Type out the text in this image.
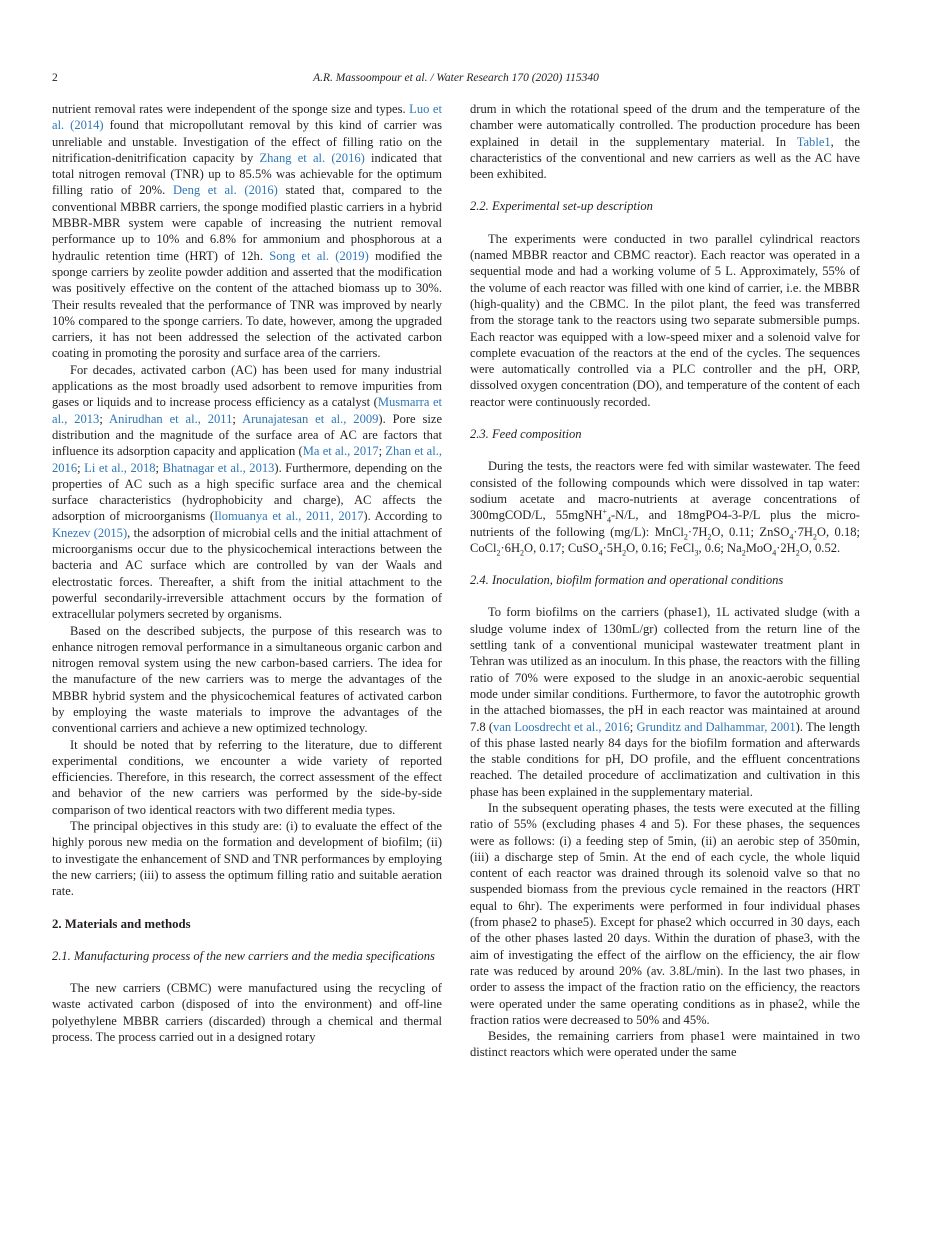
2	A.R. Massoompour et al. / Water Research 170 (2020) 115340

nutrient removal rates were independent of the sponge size and types. Luo et al. (2014) found that micropollutant removal by this kind of carrier was unreliable and unstable. Investigation of the effect of filling ratio on the nitrification-denitrification capacity by Zhang et al. (2016) indicated that total nitrogen removal (TNR) up to 85.5% was achievable for the optimum filling ratio of 20%. Deng et al. (2016) stated that, compared to the conventional MBBR carriers, the sponge modified plastic carriers in a hybrid MBBR-MBR system were capable of increasing the nutrient removal performance up to 10% and 6.8% for ammonium and phosphorous at a hydraulic retention time (HRT) of 12h. Song et al. (2019) modified the sponge carriers by zeolite powder addition and asserted that the modification was positively effective on the content of the attached biomass up to 30%. Their results revealed that the performance of TNR was improved by nearly 10% compared to the sponge carriers. To date, however, among the upgraded carriers, it has not been addressed the selection of the activated carbon coating in promoting the porosity and surface area of the carriers.

For decades, activated carbon (AC) has been used for many industrial applications as the most broadly used adsorbent to remove impurities from gases or liquids and to increase process efficiency as a catalyst (Musmarra et al., 2013; Anirudhan et al., 2011; Arunajatesan et al., 2009). Pore size distribution and the magnitude of the surface area of AC are factors that influence its adsorption capacity and application (Ma et al., 2017; Zhan et al., 2016; Li et al., 2018; Bhatnagar et al., 2013). Furthermore, depending on the properties of AC such as a high specific surface area and the chemical surface characteristics (hydrophobicity and charge), AC affects the adsorption of microorganisms (Ilomuanya et al., 2011, 2017). According to Knezev (2015), the adsorption of microbial cells and the initial attachment of microorganisms occur due to the physicochemical interactions between the bacteria and AC surface which are controlled by van der Waals and electrostatic forces. Thereafter, a shift from the initial attachment to the powerful secondarily-irreversible attachment occurs by the formation of extracellular polymers secreted by organisms.

Based on the described subjects, the purpose of this research was to enhance nitrogen removal performance in a simultaneous organic carbon and nitrogen removal system using the new carbon-based carriers. The idea for the manufacture of the new carriers was to merge the advantages of the MBBR hybrid system and the physicochemical features of activated carbon by employing the waste materials to improve the advantages of the conventional carriers and achieve a new optimized technology.

It should be noted that by referring to the literature, due to different experimental conditions, we encounter a wide variety of reported efficiencies. Therefore, in this research, the correct assessment of the effect and behavior of the new carriers was performed by the side-by-side comparison of two identical reactors with two different media types.

The principal objectives in this study are: (i) to evaluate the effect of the highly porous new media on the formation and development of biofilm; (ii) to investigate the enhancement of SND and TNR performances by employing the new carriers; (iii) to assess the optimum filling ratio and suitable aeration rate.

2. Materials and methods
2.1. Manufacturing process of the new carriers and the media specifications

The new carriers (CBMC) were manufactured using the recycling of waste activated carbon (disposed of into the environment) and off-line polyethylene MBBR carriers (discarded) through a chemical and thermal process. The process carried out in a designed rotary

drum in which the rotational speed of the drum and the temperature of the chamber were automatically controlled. The production procedure has been explained in detail in the supplementary material. In Table1, the characteristics of the conventional and new carriers as well as the AC have been exhibited.

2.2. Experimental set-up description

The experiments were conducted in two parallel cylindrical reactors (named MBBR reactor and CBMC reactor). Each reactor was operated in a sequential mode and had a working volume of 5 L. Approximately, 55% of the volume of each reactor was filled with one kind of carrier, i.e. the MBBR (high-quality) and the CBMC. In the pilot plant, the feed was transferred from the storage tank to the reactors using two separate submersible pumps. Each reactor was equipped with a low-speed mixer and a solenoid valve for complete evacuation of the reactors at the end of the cycles. The sequences were automatically controlled via a PLC controller and the pH, ORP, dissolved oxygen concentration (DO), and temperature of the content of each reactor were continuously recorded.

2.3. Feed composition

During the tests, the reactors were fed with similar wastewater. The feed consisted of the following compounds which were dissolved in tap water: sodium acetate and macro-nutrients at average concentrations of 300mgCOD/L, 55mgNH+$_4$-N/L, and 18mgPO4-3-P/L plus the micro-nutrients of the following (mg/L): $MnCl_2\cdot 7H_2O$, 0.11; $ZnSO_4\cdot 7H_2O$, 0.18; $CoCl_2\cdot 6H_2O$, 0.17; $CuSO_4\cdot 5H_2O$, 0.16; FeCl$_3$, 0.6; $Na_2MoO_4\cdot 2H_2O$, 0.52.

2.4. Inoculation, biofilm formation and operational conditions

To form biofilms on the carriers (phase1), 1L activated sludge (with a sludge volume index of 130mL/gr) collected from the return line of the settling tank of a conventional municipal wastewater treatment plant in Tehran was utilized as an inoculum. In this phase, the reactors with the filling ratio of 70% were exposed to the sludge in an anoxic-aerobic sequential mode under similar conditions. Furthermore, to favor the autotrophic growth in the attached biomasses, the pH in each reactor was maintained at around 7.8 (van Loosdrecht et al., 2016; Grunditz and Dalhammar, 2001). The length of this phase lasted nearly 84 days for the biofilm formation and afterwards the stable conditions for pH, DO profile, and the effluent concentrations reached. The detailed procedure of acclimatization and cultivation in this phase has been explained in the supplementary material.

In the subsequent operating phases, the tests were executed at the filling ratio of 55% (excluding phases 4 and 5). For these phases, the sequences were as follows: (i) a feeding step of 5min, (ii) an aerobic step of 350min, (iii) a discharge step of 5min. At the end of each cycle, the whole liquid content of each reactor was drained through its solenoid valve so that no suspended biomass from the previous cycle remained in the reactors (HRT equal to 6hr). The experiments were performed in four individual phases (from phase2 to phase5). Except for phase2 which occurred in 30 days, each of the other phases lasted 20 days. Within the duration of phase3, with the aim of investigating the effect of the airflow on the efficiency, the air flow rate was reduced by around 20% (av. 3.8L/min). In the last two phases, in order to assess the impact of the fraction ratio on the efficiency, the reactors were operated under the same operating conditions as in phase2, while the fraction ratios were decreased to 50% and 45%.

Besides, the remaining carriers from phase1 were maintained in two distinct reactors which were operated under the same
